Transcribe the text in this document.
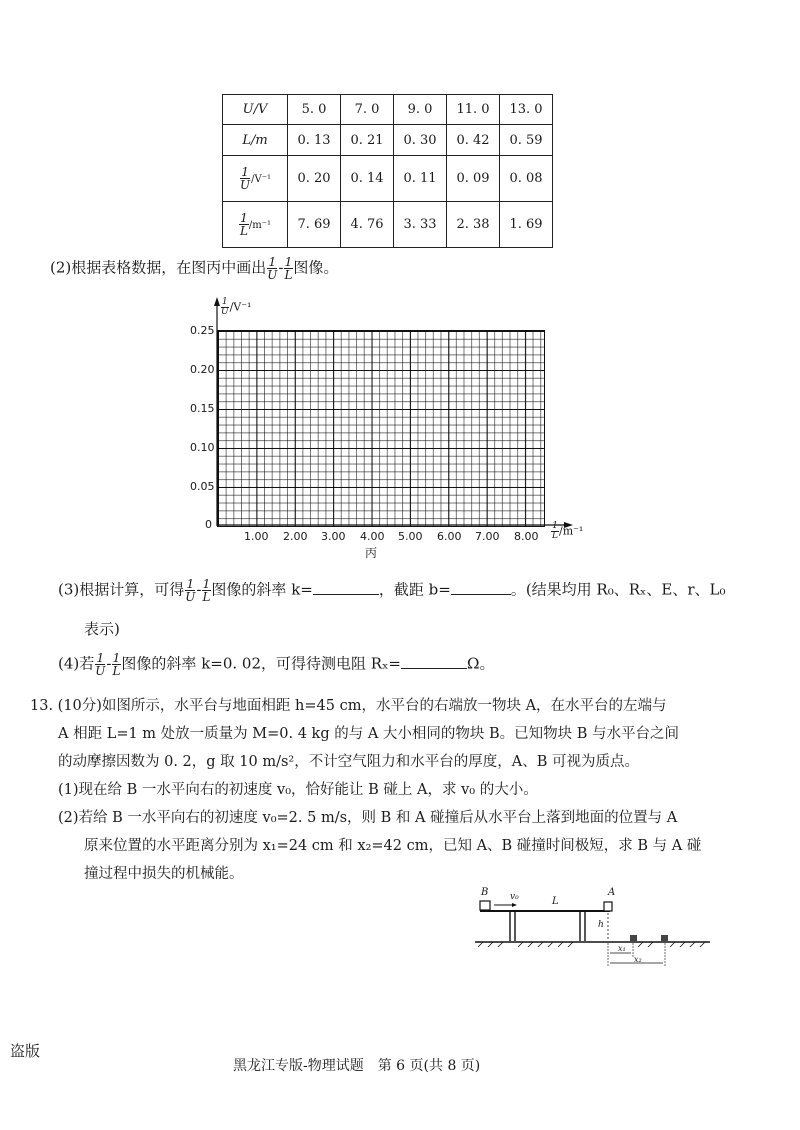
U/V	5. 0	7. 0	9. 0	11. 0	13. 0
L/m	0. 13	0. 21	0. 30	0. 42	0. 59

$\frac{1}{U} /V^{-1}$	0. 20	0. 14	0. 11	0. 09	0. 08

$\frac{1}{L} /m^{-1}$	7. 69	4. 76	3. 33	2. 38	1. 69
(2)根据表格数据，在图丙中画出 $\frac{1}{U} - \frac{1}{L}$ 图像。
$\frac{1}{U} /V^{-1}$
0.25
0.20
0.15
0.10
0.05
0
1.00 2.00 3.00 4.00 5.00 6.00 7.00 $8.00 \frac{1}{L} /m^{-1}$
丙
(3)根据计算，可得 $\frac{1}{U} - \frac{1}{L}$ 图像的斜率 k=	，截距 b=	。(结果均用 R₀、Rₓ、E、r、L₀
表示)
(4)若 $\frac{1}{U} - \frac{1}{L}$ 图像的斜率 k=0. 02，可得待测电阻 Rₓ=	Ω。
13. (10分)如图所示，水平台与地面相距 h=45 cm，水平台的右端放一物块 A，在水平台的左端与
A 相距 L=1 m 处放一质量为 M=0. 4 kg 的与 A 大小相同的物块 B。已知物块 B 与水平台之间
的动摩擦因数为 0. 2，g 取 10 m/s²，不计空气阻力和水平台的厚度，A、B 可视为质点。
(1)现在给 B 一水平向右的初速度 v₀，恰好能让 B 碰上 A，求 v₀ 的大小。
(2)若给 B 一水平向右的初速度 v₀=2. 5 m/s，则 B 和 A 碰撞后从水平台上落到地面的位置与 A
原来位置的水平距离分别为 x₁=24 cm 和 x₂=42 cm，已知 A、B 碰撞时间极短，求 B 与 A 碰
撞过程中损失的机械能。
B v₀	L
A
h
x₁
x₂
盗版
黑龙江专版-物理试题　第 6 页(共 8 页)
